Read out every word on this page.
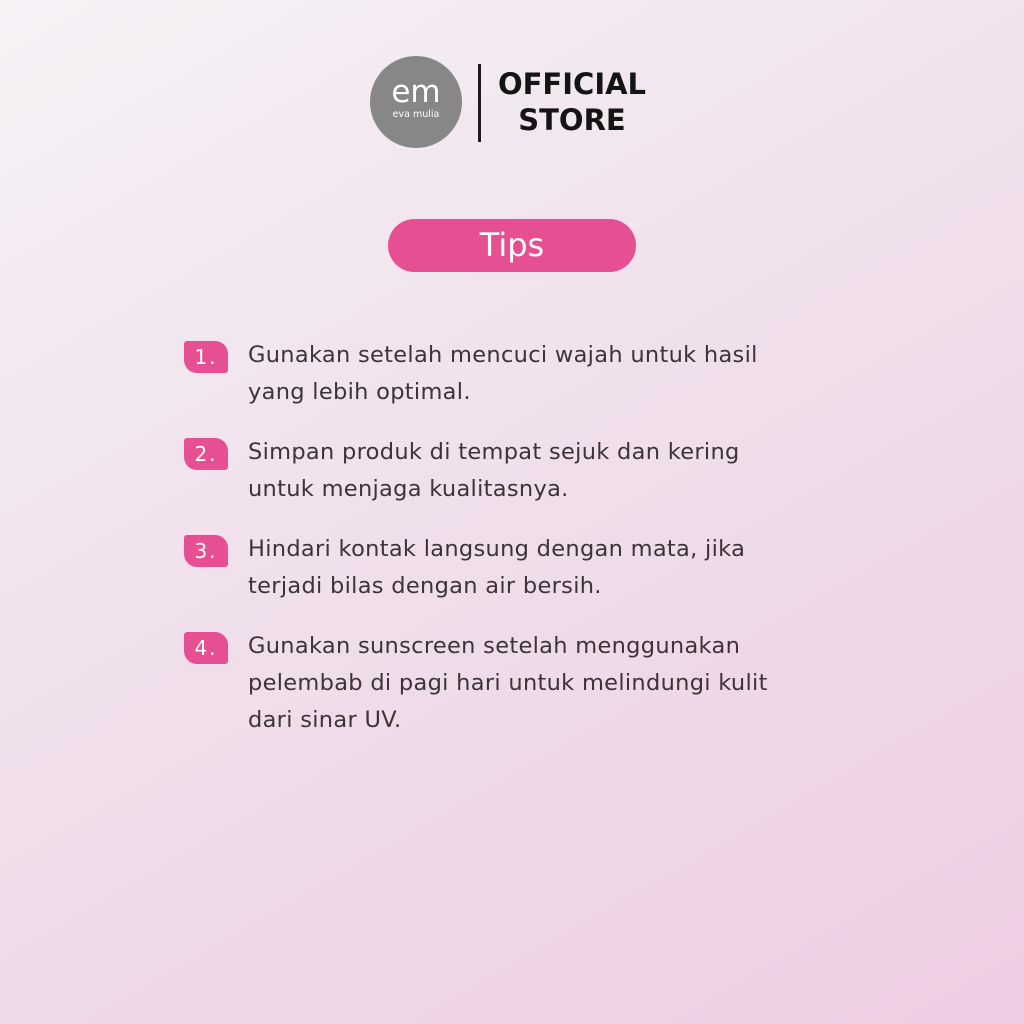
em
eva mulia
OFFICIAL
STORE
Tips
1.	Gunakan setelah mencuci wajah untuk hasil yang lebih optimal.
2.	Simpan produk di tempat sejuk dan kering untuk menjaga kualitasnya.
3.	Hindari kontak langsung dengan mata, jika terjadi bilas dengan air bersih.
4.	Gunakan sunscreen setelah menggunakan pelembab di pagi hari untuk melindungi kulit dari sinar UV.
